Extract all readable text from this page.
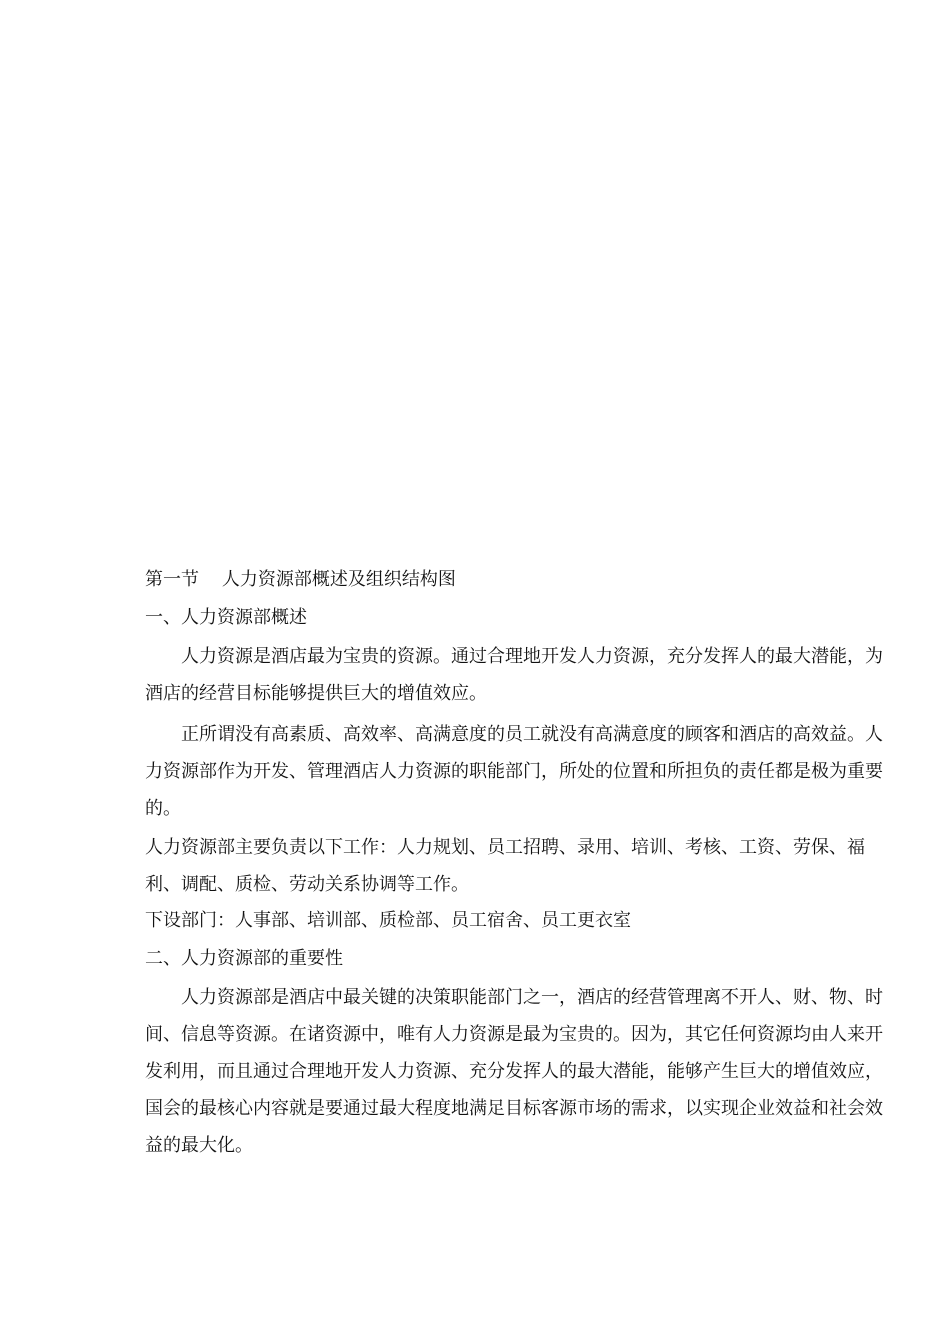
第一节    人力资源部概述及组织结构图

一、人力资源部概述

人力资源是酒店最为宝贵的资源。通过合理地开发人力资源，充分发挥人的最大潜能，为酒店的经营目标能够提供巨大的增值效应。

正所谓没有高素质、高效率、高满意度的员工就没有高满意度的顾客和酒店的高效益。人力资源部作为开发、管理酒店人力资源的职能部门，所处的位置和所担负的责任都是极为重要的。

人力资源部主要负责以下工作：人力规划、员工招聘、录用、培训、考核、工资、劳保、福利、调配、质检、劳动关系协调等工作。

下设部门：人事部、培训部、质检部、员工宿舍、员工更衣室

二、人力资源部的重要性

人力资源部是酒店中最关键的决策职能部门之一，酒店的经营管理离不开人、财、物、时间、信息等资源。在诸资源中，唯有人力资源是最为宝贵的。因为，其它任何资源均由人来开发利用，而且通过合理地开发人力资源、充分发挥人的最大潜能，能够产生巨大的增值效应，国会的最核心内容就是要通过最大程度地满足目标客源市场的需求，以实现企业效益和社会效益的最大化。
